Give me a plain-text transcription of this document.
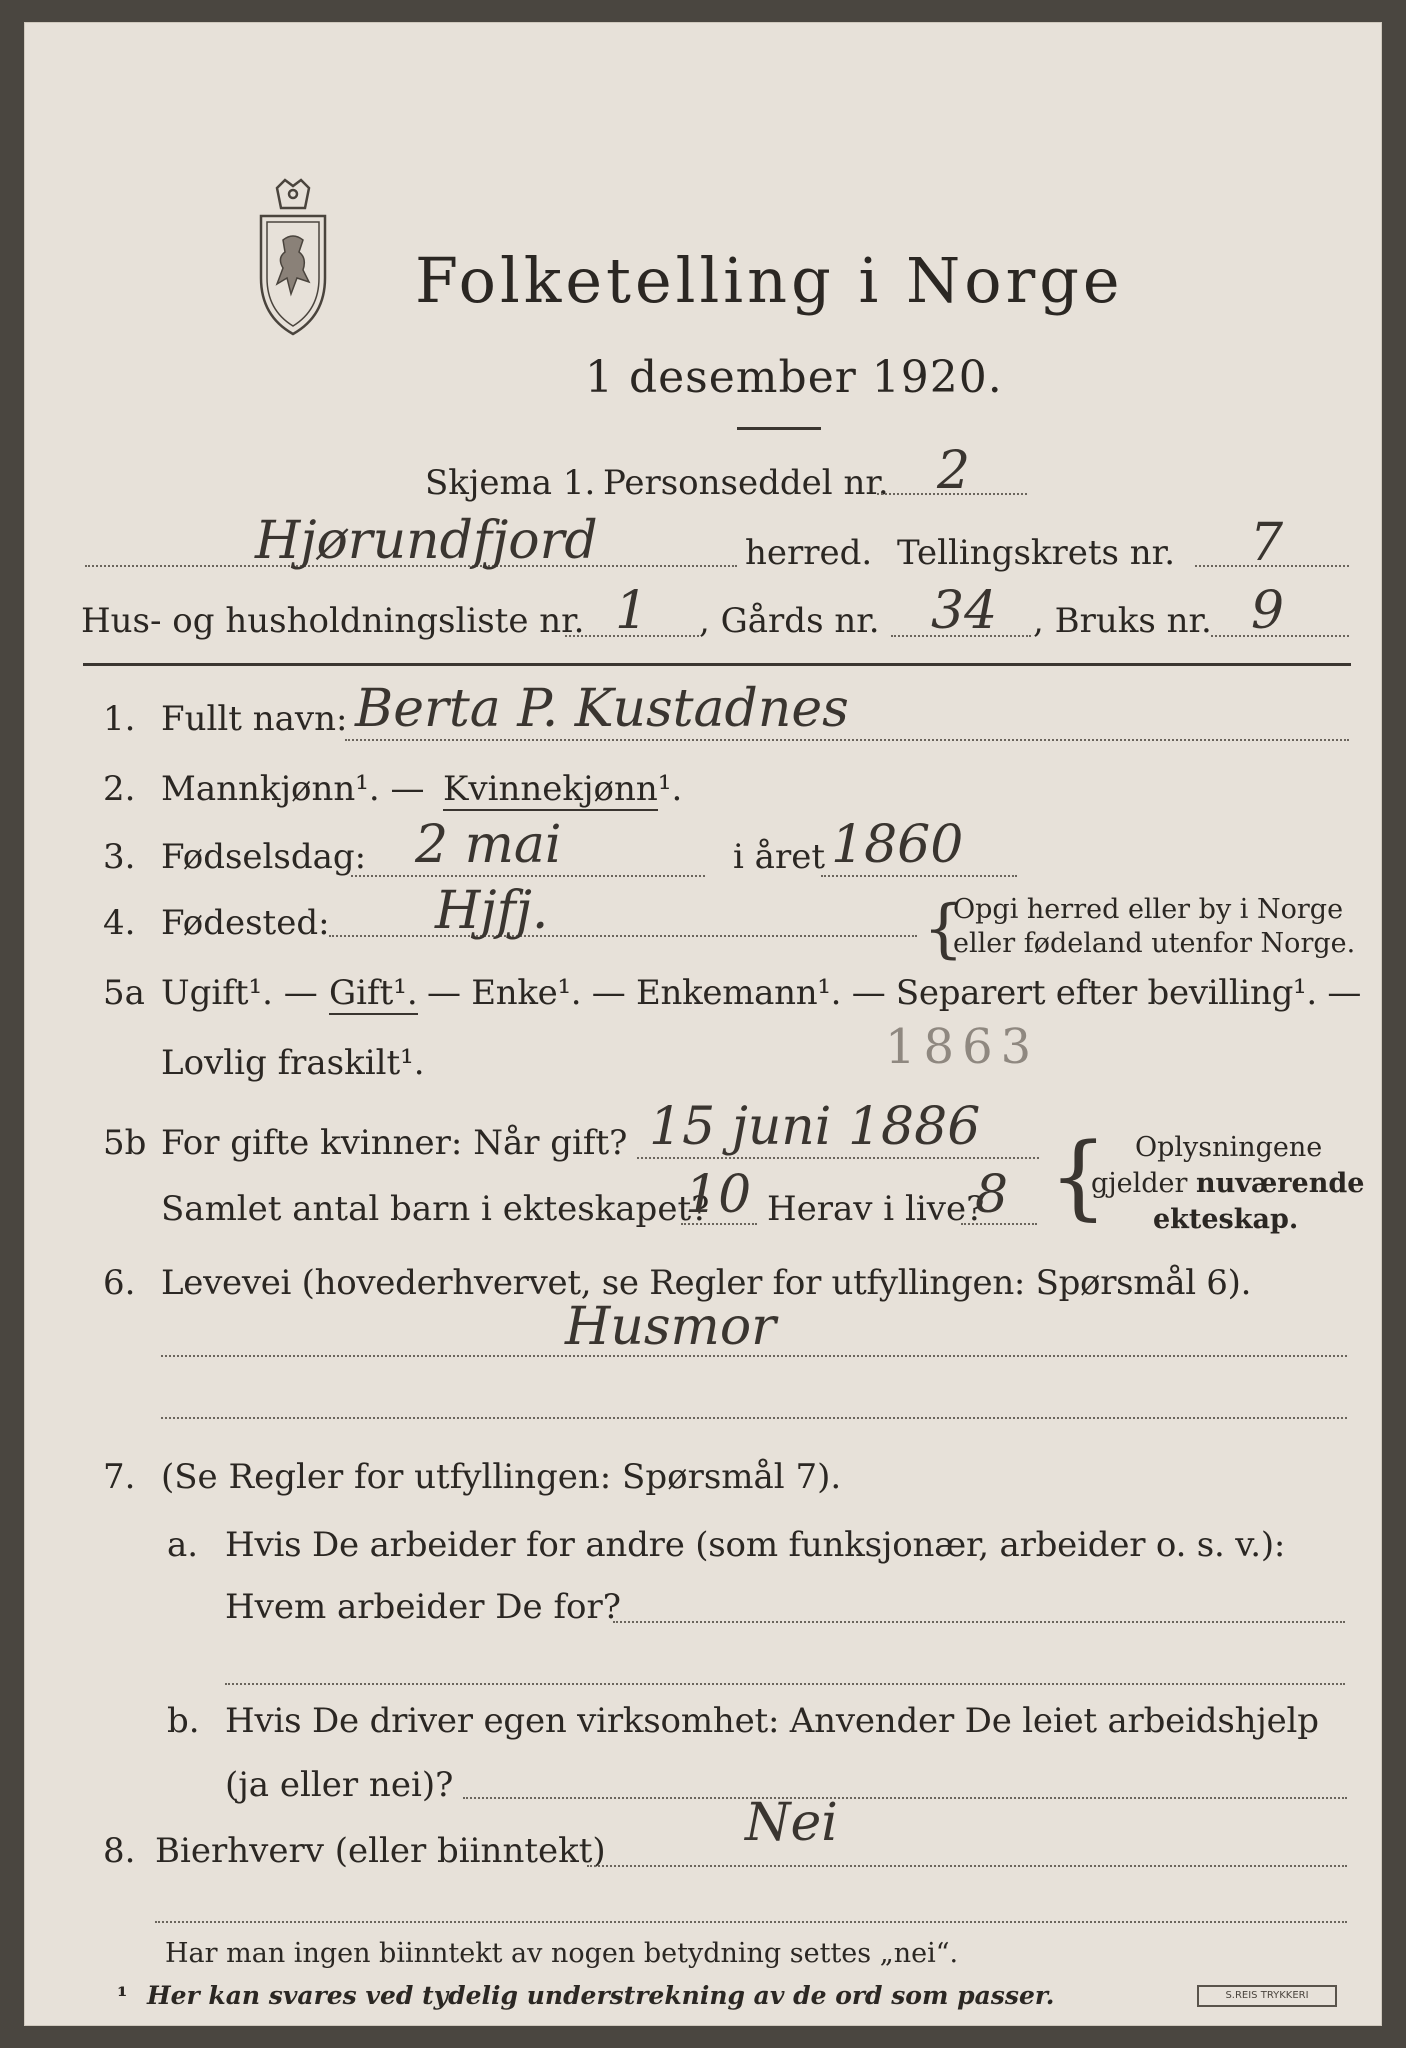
Folketelling i Norge
1 desember 1920.
Skjema 1. Personseddel nr. 2
Hjørundfjord	herred. Tellingskrets nr. 7
Hus- og husholdningsliste nr. 1 , Gårds nr. 34 , Bruks nr. 9
1. Fullt navn: Berta P. Kustadnes
2. Mannkjønn¹. — Kvinnekjønn¹.
3. Fødselsdag: 2 mai	i året 1860
4. Fødested: Hjfj.	{
Opgi herred eller by i Norge
eller fødeland utenfor Norge.
5a Ugift¹. — Gift¹. — Enke¹. — Enkemann¹. — Separert efter bevilling¹. —
Lovlig fraskilt¹.	1863
5b For gifte kvinner: Når gift? 15 juni 1886
Samlet antal barn i ekteskapet?
10 Herav i live?
8 { Oplysningene
gjelder nuværende
ekteskap.
6. Levevei (hovederhvervet, se Regler for utfyllingen: Spørsmål 6).
Husmor
7. (Se Regler for utfyllingen: Spørsmål 7).
a. Hvis De arbeider for andre (som funksjonær, arbeider o. s. v.):
Hvem arbeider De for?
b. Hvis De driver egen virksomhet: Anvender De leiet arbeidshjelp
(ja eller nei)?
8. Bierhverv (eller biinntekt)	Nei
Har man ingen biinntekt av nogen betydning settes „nei“.
¹ Her kan svares ved tydelig understrekning av de ord som passer.	S.REIS TRYKKERI
